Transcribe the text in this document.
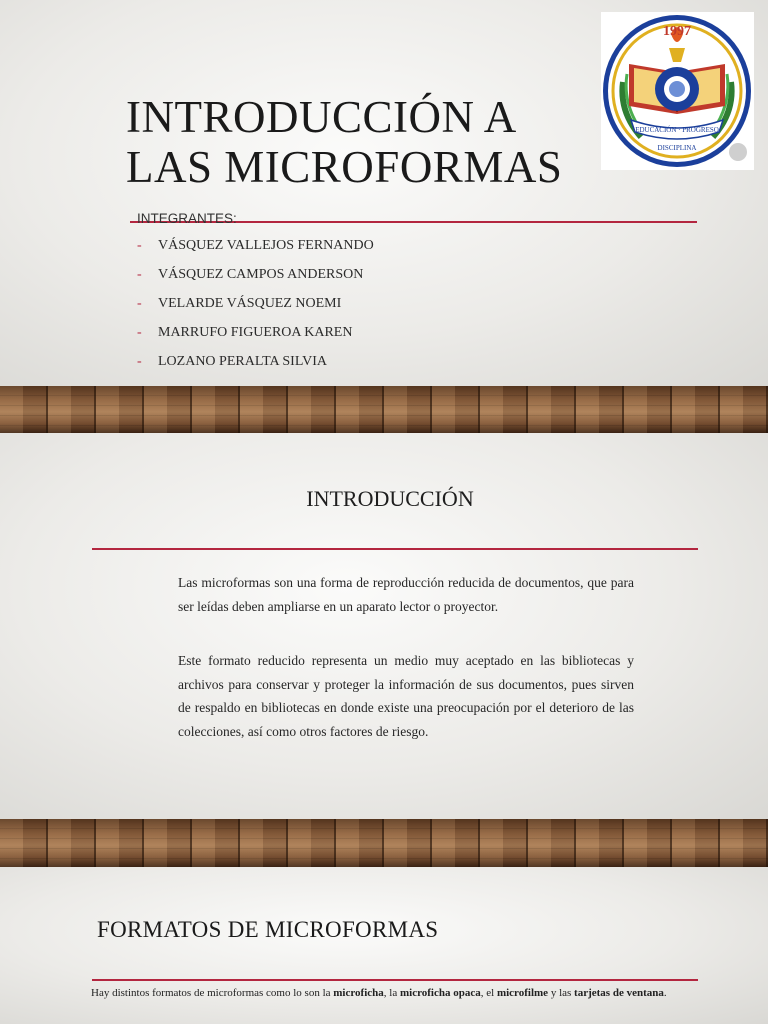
INTRODUCCIÓN A
LAS MICROFORMAS
INTEGRANTES:
- VÁSQUEZ VALLEJOS FERNANDO
- VÁSQUEZ CAMPOS ANDERSON
- VELARDE VÁSQUEZ NOEMI
- MARRUFO FIGUEROA KAREN
- LOZANO PERALTA SILVIA
1997
EDUCACIÓN · PROGRESO
DISCIPLINA
INTRODUCCIÓN

Las microformas son una forma de reproducción reducida de documentos, que para ser leídas deben ampliarse en un aparato lector o proyector.

Este formato reducido representa un medio muy aceptado en las bibliotecas y archivos para conservar y proteger la información de sus documentos, pues sirven de respaldo en bibliotecas en donde existe una preocupación por el deterioro de las colecciones, así como otros factores de riesgo.

FORMATOS DE MICROFORMAS

Hay distintos formatos de microformas como lo son la microficha, la microficha opaca, el microfilme y las tarjetas de ventana.
